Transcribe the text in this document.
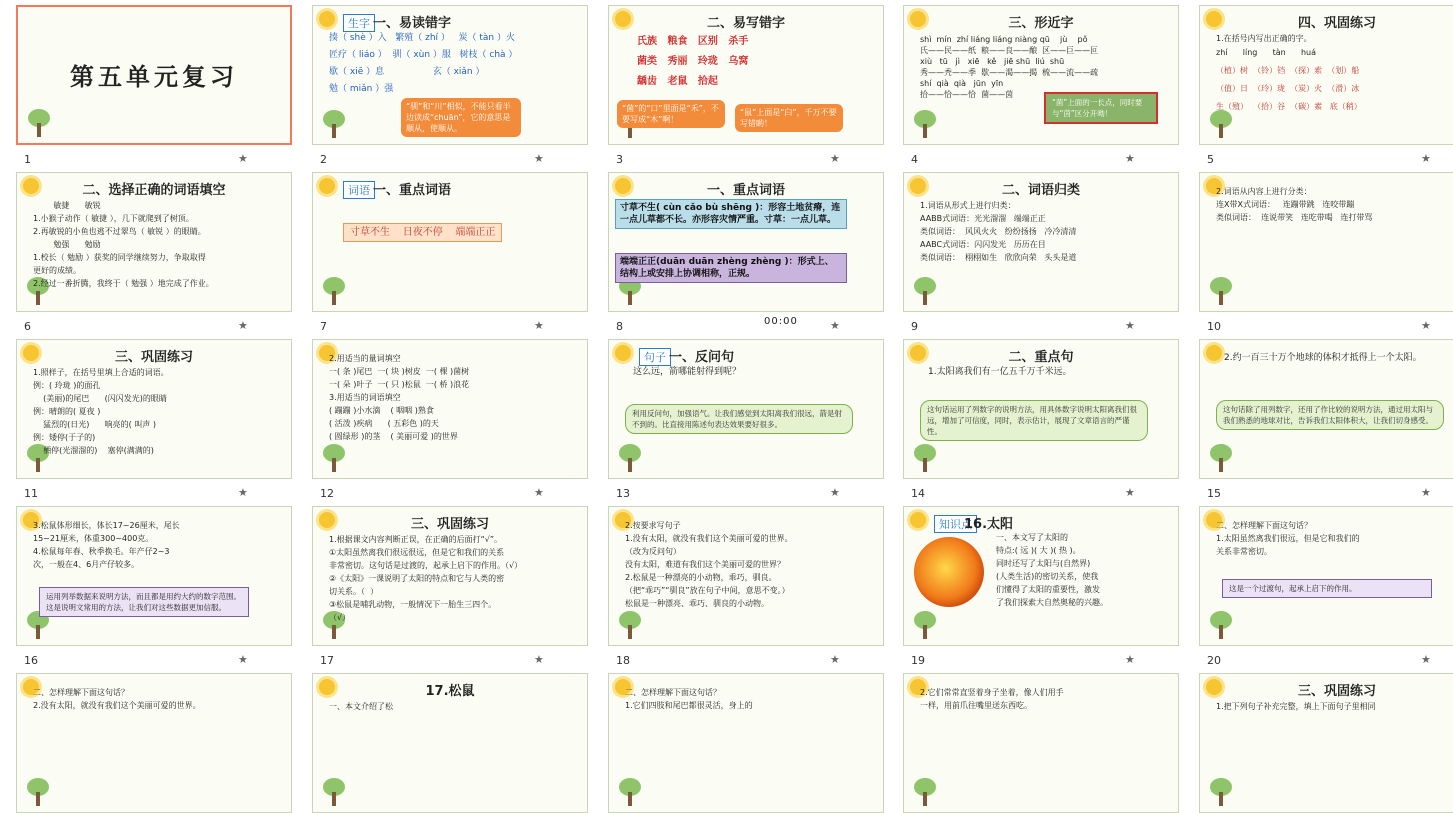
第五单元复习
1	★
生字 一、易读错字
揍（ shè ）入   繁殖（ zhí ）   炭（ tàn ）火
匠疗（ liáo ）  驯（ xùn ）服   树枝（ chà ）
歇（ xiē ）息                 玄（ xiǎn ）
勉（ miǎn ）强
“驯”和“川”相似，不能只看半边读成“chuān”，它的意思是顺从，使顺从。
2	★
二、易写错字
氏族   粮食   区别   杀手
菌类   秀丽   玲珑   乌窝
龋齿   老鼠   拾起
“菌”的“口”里面是“禾”，不要写成“木”啊！
“鼠”上面是“臼”，千万不要写错喲！
3	★
三、形近字
shì  mín  zhí liáng liáng niàng qū    jù    pǒ
氏——民——纸  粮——良——酿  区——巨——叵
xiù   tū   jì   xiē   kě   jiē shū  liú  shū
秀——秃——季  歇——渴——揭  梳——流——疏
shí  qià  qià   jūn  yīn
拾——恰——恰  菌——茵
“菌”上面的一长点，同时要与“茵”区分开呦！
4	★
四、巩固练习
1.在括号内写出正确的字。
zhí      líng      tàn      huá
（植）树  （铃）铛  （探）索  （划）船
（值）日  （玲）珑  （炭）火  （滑）冰
生（殖）  （拾）谷  （碳）素   底（稍）
5	★
二、选择正确的词语填空
敏捷      敏锐
1.小猴子动作（ 敏捷 ），几下就爬到了树顶。
2.再敏锐的小鱼也逃不过翠鸟（ 敏锐 ）的眼睛。
勉强      勉励
1.校长（ 勉励 ）获奖的同学继续努力，争取取得
更好的成绩。
2.经过一番折腾，我终于（ 勉强 ）地完成了作业。
6	★
词语 一、重点词语
寸草不生    日夜不停    端端正正
7	★
一、重点词语
寸草不生( cùn cǎo bù shēng )：形容土地贫瘠，连一点儿草都不长。亦形容灾情严重。寸草：一点儿草。
端端正正(duān duān zhèng zhèng )：形式上、结构上或安排上协调相称，正规。
8	★
二、词语归类
1.词语从形式上进行归类：
AABB式词语：光光溜溜   端端正正
类似词语：  风风火火   纷纷扬扬   冷冷清清
AABC式词语：闪闪发光   历历在目
类似词语：  栩栩如生   欣欣向荣   头头是道
9	★
2.词语从内容上进行分类：
连X带X式词语：   连蹦带跳   连咬带蹦
类似词语：  连说带笑   连吃带喝   连打带骂
10	★
三、巩固练习
1.照样子，在括号里填上合适的词语。
例：( 玲珑 )的面孔
(美丽)的尾巴      (闪闪发光)的眼睛
例：晴朗的( 夏夜 )
猛烈的(日光)      响亮的( 叫声 )
例：矮停(于子的)
栖停(光溜溜的)    塞停(满满的)
11	★
2.用适当的量词填空
一( 条 )尾巴  一( 块 )树皮  一( 棵 )菌树
一( 朵 )叶子  一( 只 )松鼠  一( 桥 )浪花
3.用适当的词语填空
( 蹦蹦 )小水滴    ( 咽咽 )熟食
( 活泼 )疾病      ( 五彩色 )的天
( 圆绿形 )的茎    ( 美丽可爱 )的世界
12	★
句子 一、反问句
这么远，箭哪能射得到呢？
利用反问句，加强语气。让我们感觉到太阳离我们很远，箭是射不到的。比直接用陈述句表达效果要好很多。
13	★
二、重点句
1.太阳离我们有一亿五千万千米远。
这句话运用了列数字的说明方法，用具体数字说明太阳离我们很远，增加了可信度，同时，表示估计，展现了文章语言的严谨性。
14	★
2.约一百三十万个地球的体积才抵得上一个太阳。
这句话除了用列数字，还用了作比较的说明方法，通过用太阳与我们熟悉的地球对比，告诉我们太阳体积大，让我们切身感受。
15	★
3.松鼠体形细长，体长17~26厘米，尾长
15~21厘米，体重300~400克。
4.松鼠每年春、秋季换毛。年产仔2~3
次，一般在4、6月产仔较多。
运用列举数据来说明方法，而且都是用约大约的数字范围。这是说明文常用的方法，让我们对这些数据更加信服。
16	★
三、巩固练习
1.根据课文内容判断正误，在正确的后面打“√”。
①太阳虽然离我们很远很远，但是它和我们的关系
非常密切。这句话是过渡的，起承上启下的作用。（√）
②《太阳》一课说明了太阳的特点和它与人类的密
切关系。（  ）
③松鼠是哺乳动物，一般情况下一胎生三四个。
（√）
17	★
2.按要求写句子
1.没有太阳，就没有我们这个美丽可爱的世界。
（改为反问句）
没有太阳，难道有我们这个美丽可爱的世界？
2.松鼠是一种漂亮的小动物，乖巧，驯良。
（把“乖巧”“驯良”放在句子中间，意思不变。）
松鼠是一种漂亮、乖巧、驯良的小动物。
18	★
知识点
16.太阳
一、本文写了太阳的
特点:( 远 )( 大 )( 热 )。
同时还写了太阳与(自然界)
(人类生活)的密切关系，使我
们懂得了太阳的重要性，激发
了我们探索大自然奥秘的兴趣。
19	★
二、怎样理解下面这句话？
1.太阳虽然离我们很远，但是它和我们的
关系非常密切。
这是一个过渡句，起承上启下的作用。
20	★
二、怎样理解下面这句话？
2.没有太阳，就没有我们这个美丽可爱的世界。
17.松鼠
一、本文介绍了松
二、怎样理解下面这句话？
1.它们四肢和尾巴都很灵活，身上的
2.它们常常直竖着身子坐着，像人们用手
一样，用前爪往嘴里送东西吃。
三、巩固练习
1.把下列句子补充完整，填上下面句子里相同
00:00
